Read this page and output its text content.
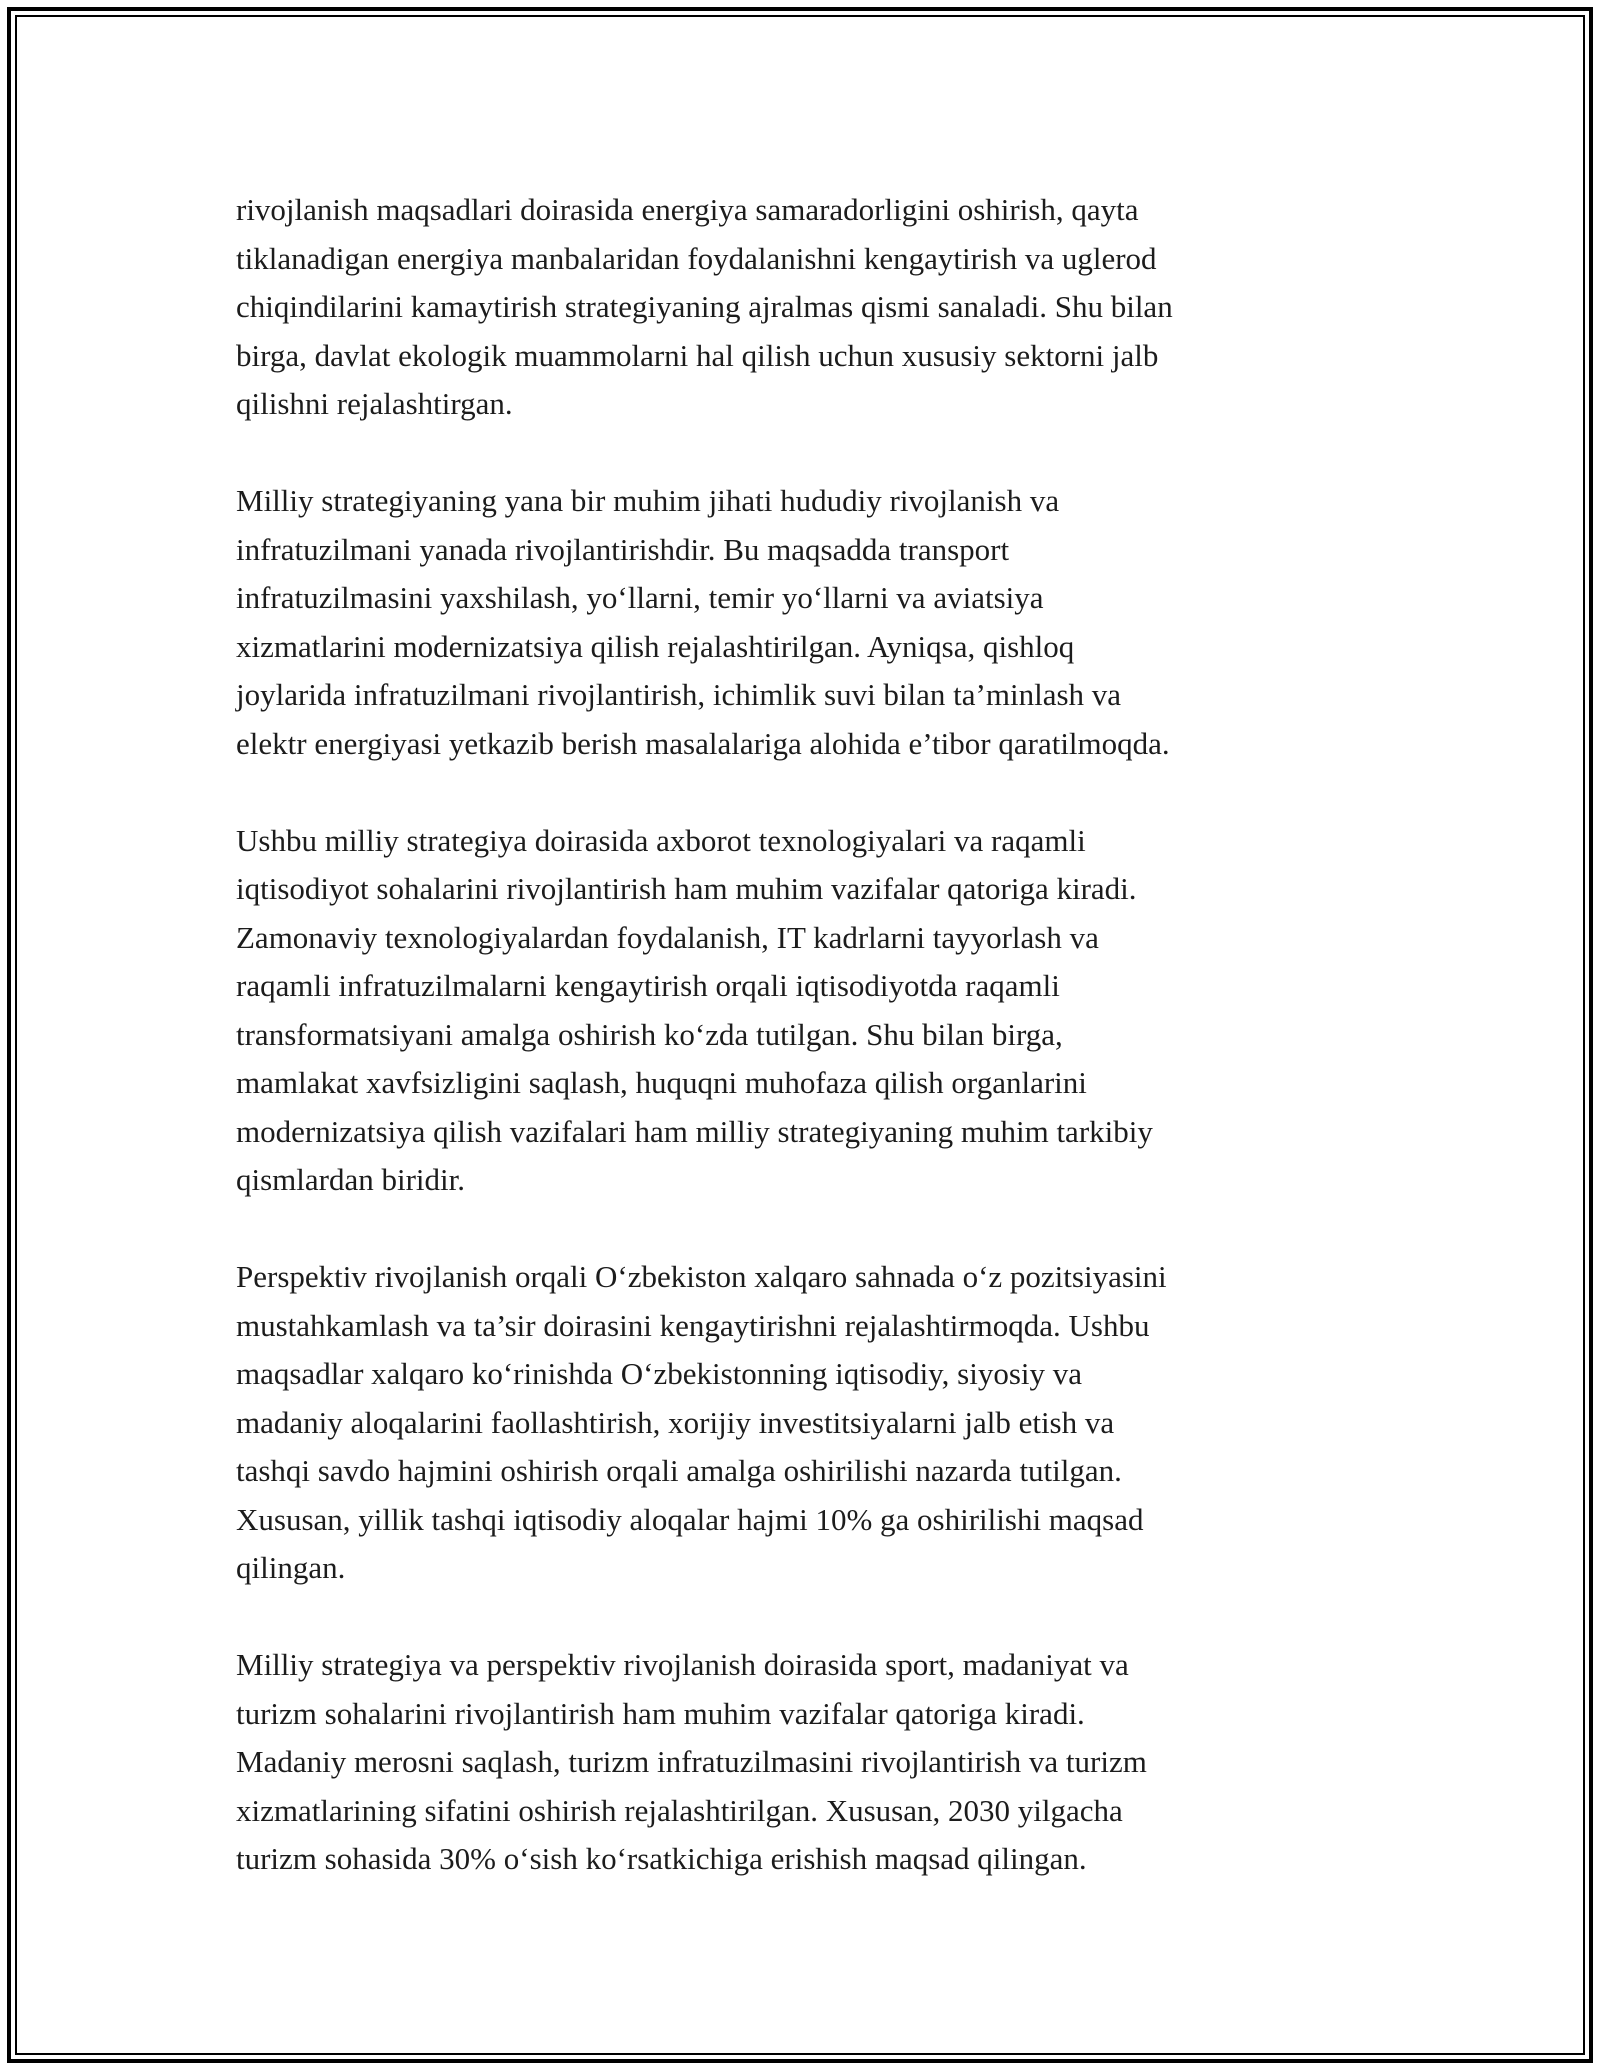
rivojlanish maqsadlari doirasida energiya samaradorligini oshirish, qayta
tiklanadigan energiya manbalaridan foydalanishni kengaytirish va uglerod
chiqindilarini kamaytirish strategiyaning ajralmas qismi sanaladi. Shu bilan
birga, davlat ekologik muammolarni hal qilish uchun xususiy sektorni jalb
qilishni rejalashtirgan.

Milliy strategiyaning yana bir muhim jihati hududiy rivojlanish va
infratuzilmani yanada rivojlantirishdir. Bu maqsadda transport
infratuzilmasini yaxshilash, yo‘llarni, temir yo‘llarni va aviatsiya
xizmatlarini modernizatsiya qilish rejalashtirilgan. Ayniqsa, qishloq
joylarida infratuzilmani rivojlantirish, ichimlik suvi bilan ta’minlash va
elektr energiyasi yetkazib berish masalalariga alohida e’tibor qaratilmoqda.

Ushbu milliy strategiya doirasida axborot texnologiyalari va raqamli
iqtisodiyot sohalarini rivojlantirish ham muhim vazifalar qatoriga kiradi.
Zamonaviy texnologiyalardan foydalanish, IT kadrlarni tayyorlash va
raqamli infratuzilmalarni kengaytirish orqali iqtisodiyotda raqamli
transformatsiyani amalga oshirish ko‘zda tutilgan. Shu bilan birga,
mamlakat xavfsizligini saqlash, huquqni muhofaza qilish organlarini
modernizatsiya qilish vazifalari ham milliy strategiyaning muhim tarkibiy
qismlardan biridir.

Perspektiv rivojlanish orqali O‘zbekiston xalqaro sahnada o‘z pozitsiyasini
mustahkamlash va ta’sir doirasini kengaytirishni rejalashtirmoqda. Ushbu
maqsadlar xalqaro ko‘rinishda O‘zbekistonning iqtisodiy, siyosiy va
madaniy aloqalarini faollashtirish, xorijiy investitsiyalarni jalb etish va
tashqi savdo hajmini oshirish orqali amalga oshirilishi nazarda tutilgan.
Xususan, yillik tashqi iqtisodiy aloqalar hajmi 10% ga oshirilishi maqsad
qilingan.

Milliy strategiya va perspektiv rivojlanish doirasida sport, madaniyat va
turizm sohalarini rivojlantirish ham muhim vazifalar qatoriga kiradi.
Madaniy merosni saqlash, turizm infratuzilmasini rivojlantirish va turizm
xizmatlarining sifatini oshirish rejalashtirilgan. Xususan, 2030 yilgacha
turizm sohasida 30% o‘sish ko‘rsatkichiga erishish maqsad qilingan.
